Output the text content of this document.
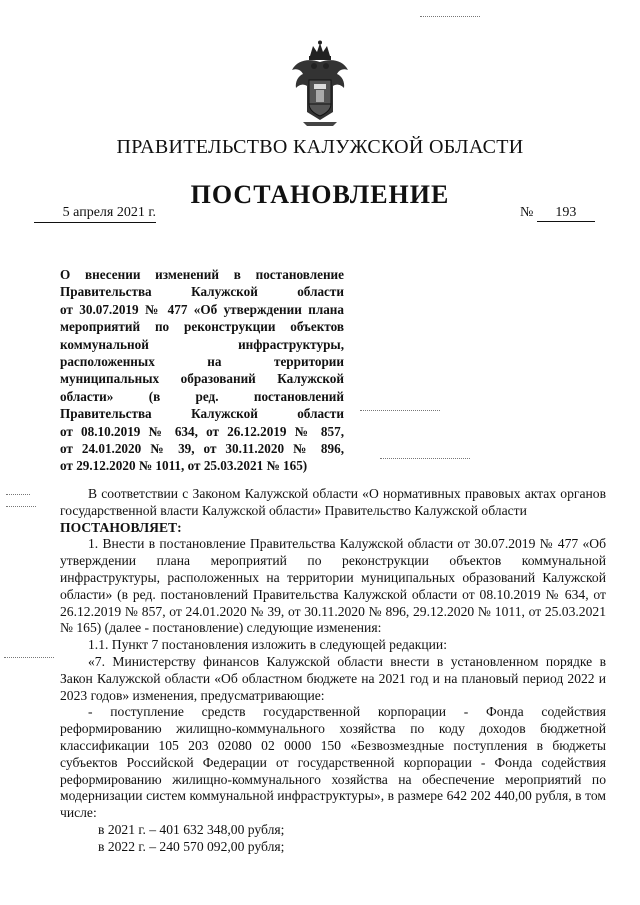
ПРАВИТЕЛЬСТВО КАЛУЖСКОЙ ОБЛАСТИ
ПОСТАНОВЛЕНИЕ
5 апреля 2021 г.	№ 193
О внесении изменений в постановление
Правительства Калужской области
от 30.07.2019 № 477 «Об утверждении плана
мероприятий по реконструкции объектов
коммунальной инфраструктуры,
расположенных на территории
муниципальных образований Калужской
области» (в ред. постановлений
Правительства Калужской области
от 08.10.2019 № 634, от 26.12.2019 № 857,
от 24.01.2020 № 39, от 30.11.2020 № 896,
от 29.12.2020 № 1011, от 25.03.2021 № 165)

В соответствии с Законом Калужской области «О нормативных правовых актах органов государственной власти Калужской области» Правительство Калужской области

ПОСТАНОВЛЯЕТ:

1. Внести в постановление Правительства Калужской области от 30.07.2019 № 477 «Об утверждении плана мероприятий по реконструкции объектов коммунальной инфраструктуры, расположенных на территории муниципальных образований Калужской области» (в ред. постановлений Правительства Калужской области от 08.10.2019 № 634, от 26.12.2019 № 857, от 24.01.2020 № 39, от 30.11.2020 № 896, 29.12.2020 № 1011, от 25.03.2021 № 165) (далее - постановление) следующие изменения:

1.1. Пункт 7 постановления изложить в следующей редакции:

«7. Министерству финансов Калужской области внести в установленном порядке в Закон Калужской области «Об областном бюджете на 2021 год и на плановый период 2022 и 2023 годов» изменения, предусматривающие:

- поступление средств государственной корпорации - Фонда содействия реформированию жилищно-коммунального хозяйства по коду доходов бюджетной классификации 105 203 02080 02 0000 150 «Безвозмездные поступления в бюджеты субъектов Российской Федерации от государственной корпорации - Фонда содействия реформированию жилищно-коммунального хозяйства на обеспечение мероприятий по модернизации систем коммунальной инфраструктуры», в размере 642 202 440,00 рубля, в том числе:

в 2021 г. – 401 632 348,00 рубля;

в 2022 г. – 240 570 092,00 рубля;
